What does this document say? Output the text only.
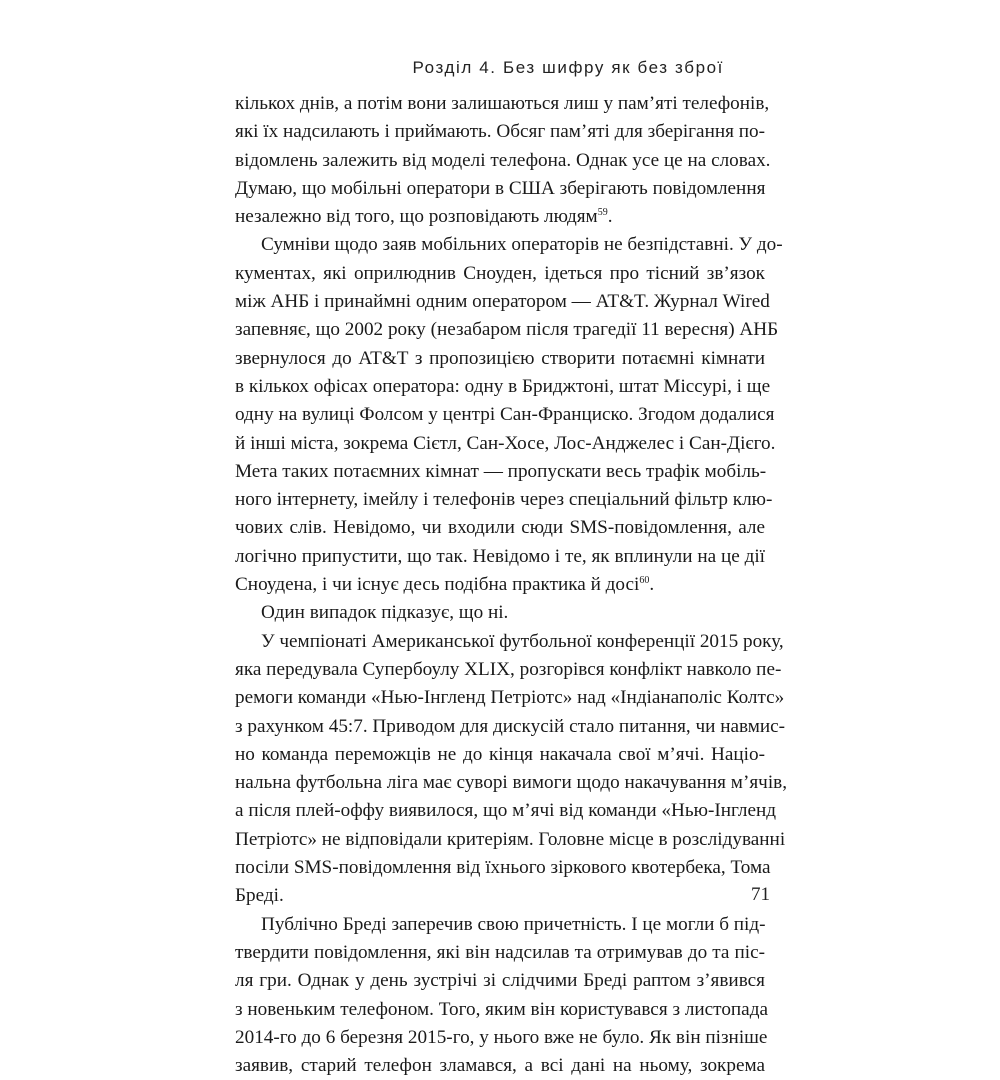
Розділ 4. Без шифру як без зброї
кількох днів, а потім вони залишаються лиш у пам’яті телефонів,
які їх надсилають і приймають. Обсяг пам’яті для зберігання по-
відомлень залежить від моделі телефона. Однак усе це на словах.
Думаю, що мобільні оператори в США зберігають повідомлення
незалежно від того, що розповідають людям$^{59}$.
Сумніви щодо заяв мобільних операторів не безпідставні. У до-
кументах, які оприлюднив Сноуден, ідеться про тісний зв’язок
між АНБ і принаймні одним оператором — AT&T. Журнал Wired
запевняє, що 2002 року (незабаром після трагедії 11 вересня) АНБ
звернулося до AT&T з пропозицією створити потаємні кімнати
в кількох офісах оператора: одну в Бриджтоні, штат Міссурі, і ще
одну на вулиці Фолсом у центрі Сан-Франциско. Згодом додалися
й інші міста, зокрема Сієтл, Сан-Хосе, Лос-Анджелес і Сан-Дієго.
Мета таких потаємних кімнат — пропускати весь трафік мобіль-
ного інтернету, імейлу і телефонів через спеціальний фільтр клю-
чових слів. Невідомо, чи входили сюди SMS-повідомлення, але
логічно припустити, що так. Невідомо і те, як вплинули на це дії
Сноудена, і чи існує десь подібна практика й досі$^{60}$.
Один випадок підказує, що ні.
У чемпіонаті Американської футбольної конференції 2015 року,
яка передувала Супербоулу XLIX, розгорівся конфлікт навколо пе-
ремоги команди «Нью-Інгленд Петріотс» над «Індіанаполіс Колтс»
з рахунком 45:7. Приводом для дискусій стало питання, чи навмис-
но команда переможців не до кінця накачала свої м’ячі. Націо-
нальна футбольна ліга має суворі вимоги щодо накачування м’ячів,
а після плей-оффу виявилося, що м’ячі від команди «Нью-Інгленд
Петріотс» не відповідали критеріям. Головне місце в розслідуванні
посіли SMS-повідомлення від їхнього зіркового квотербека, Тома
Бреді.
Публічно Бреді заперечив свою причетність. І це могли б під-
твердити повідомлення, які він надсилав та отримував до та піс-
ля гри. Однак у день зустрічі зі слідчими Бреді раптом з’явився
з новеньким телефоном. Того, яким він користувався з листопада
2014-го до 6 березня 2015-го, у нього вже не було. Як він пізніше
заявив, старий телефон зламався, а всі дані на ньому, зокрема
71
